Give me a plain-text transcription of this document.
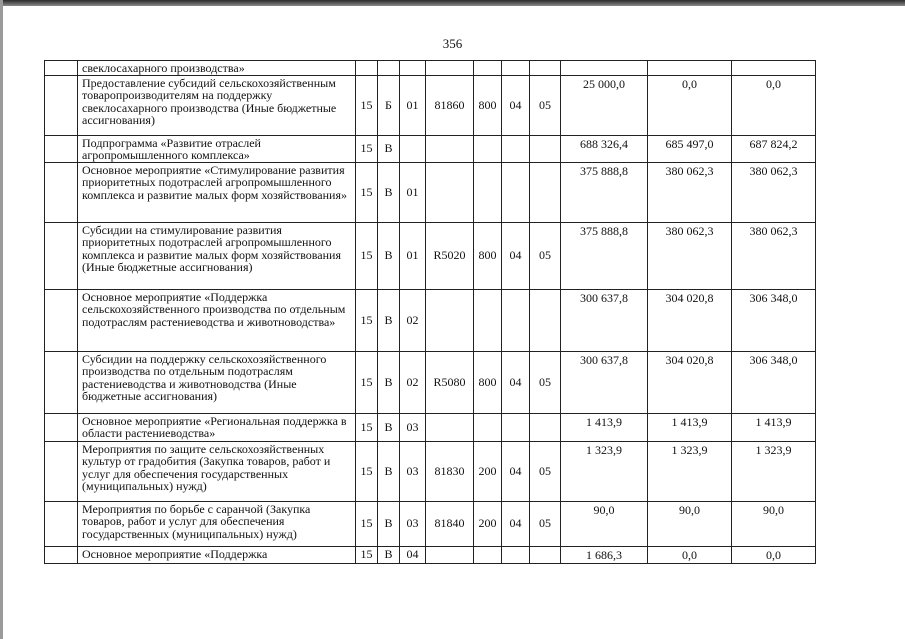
356
	свеклосахарного производства»										
	Предоставление субсидий сельскохозяйственным товаропроизводителям на поддержку свеклосахарного производства (Иные бюджетные ассигнования)	15	Б	01	81860	800	04	05	25 000,0	0,0	0,0
	Подпрограмма «Развитие отраслей агропромышленного комплекса»	15	В						688 326,4	685 497,0	687 824,2
	Основное мероприятие «Стимулирование развития приоритетных подотраслей агропромышленного комплекса и развитие малых форм хозяйствования»	15	В	01					375 888,8	380 062,3	380 062,3
	Субсидии на стимулирование развития приоритетных подотраслей агропромышленного комплекса и развитие малых форм хозяйствования (Иные бюджетные ассигнования)	15	В	01	R5020	800	04	05	375 888,8	380 062,3	380 062,3
	Основное мероприятие «Поддержка сельскохозяйственного производства по отдельным подотраслям растениеводства и животноводства»	15	В	02					300 637,8	304 020,8	306 348,0
	Субсидии на поддержку сельскохозяйственного производства по отдельным подотраслям растениеводства и животноводства (Иные бюджетные ассигнования)	15	В	02	R5080	800	04	05	300 637,8	304 020,8	306 348,0
	Основное мероприятие «Региональная поддержка в области растениеводства»	15	В	03					1 413,9	1 413,9	1 413,9
	Мероприятия по защите сельскохозяйственных культур от градобития (Закупка товаров, работ и услуг для обеспечения государственных (муниципальных) нужд)	15	В	03	81830	200	04	05	1 323,9	1 323,9	1 323,9
	Мероприятия по борьбе с саранчой (Закупка товаров, работ и услуг для обеспечения государственных (муниципальных) нужд)	15	В	03	81840	200	04	05	90,0	90,0	90,0
	Основное мероприятие «Поддержка	15	В	04					1 686,3	0,0	0,0
